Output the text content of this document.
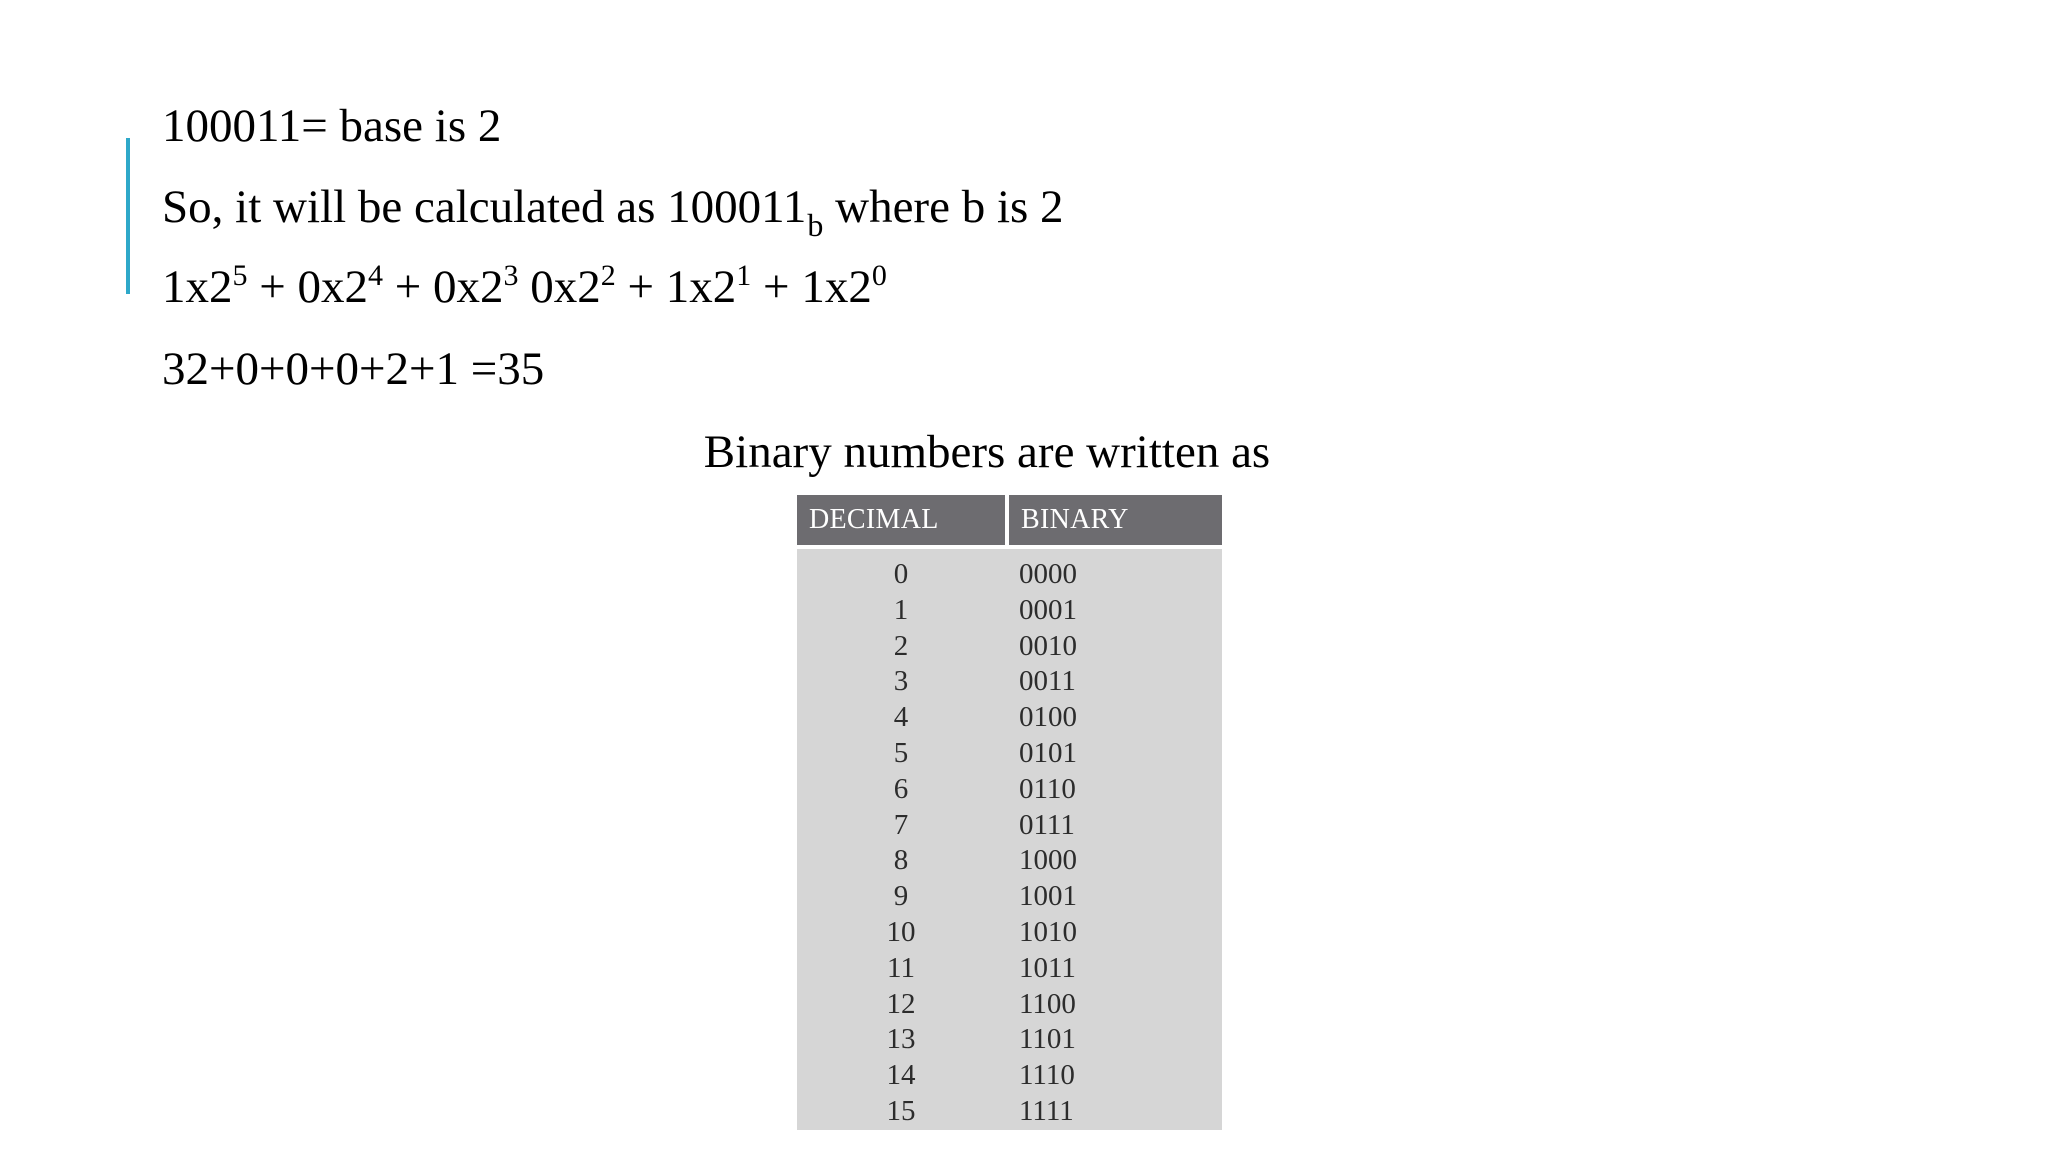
100011= base is 2
So, it will be calculated as $100011_b$ where b is 2
$1x2^5 + 0x2^4 + 0x2^3$ $0x2^2 + 1x2^1 + 1x2^0$
32+0+0+0+2+1 =35
Binary numbers are written as
DECIMAL	BINARY
0
1
2
3
4
5
6
7
8
9
10
11
12
13
14
15
0000
0001
0010
0011
0100
0101
0110
0111
1000
1001
1010
1011
1100
1101
1110
1111
